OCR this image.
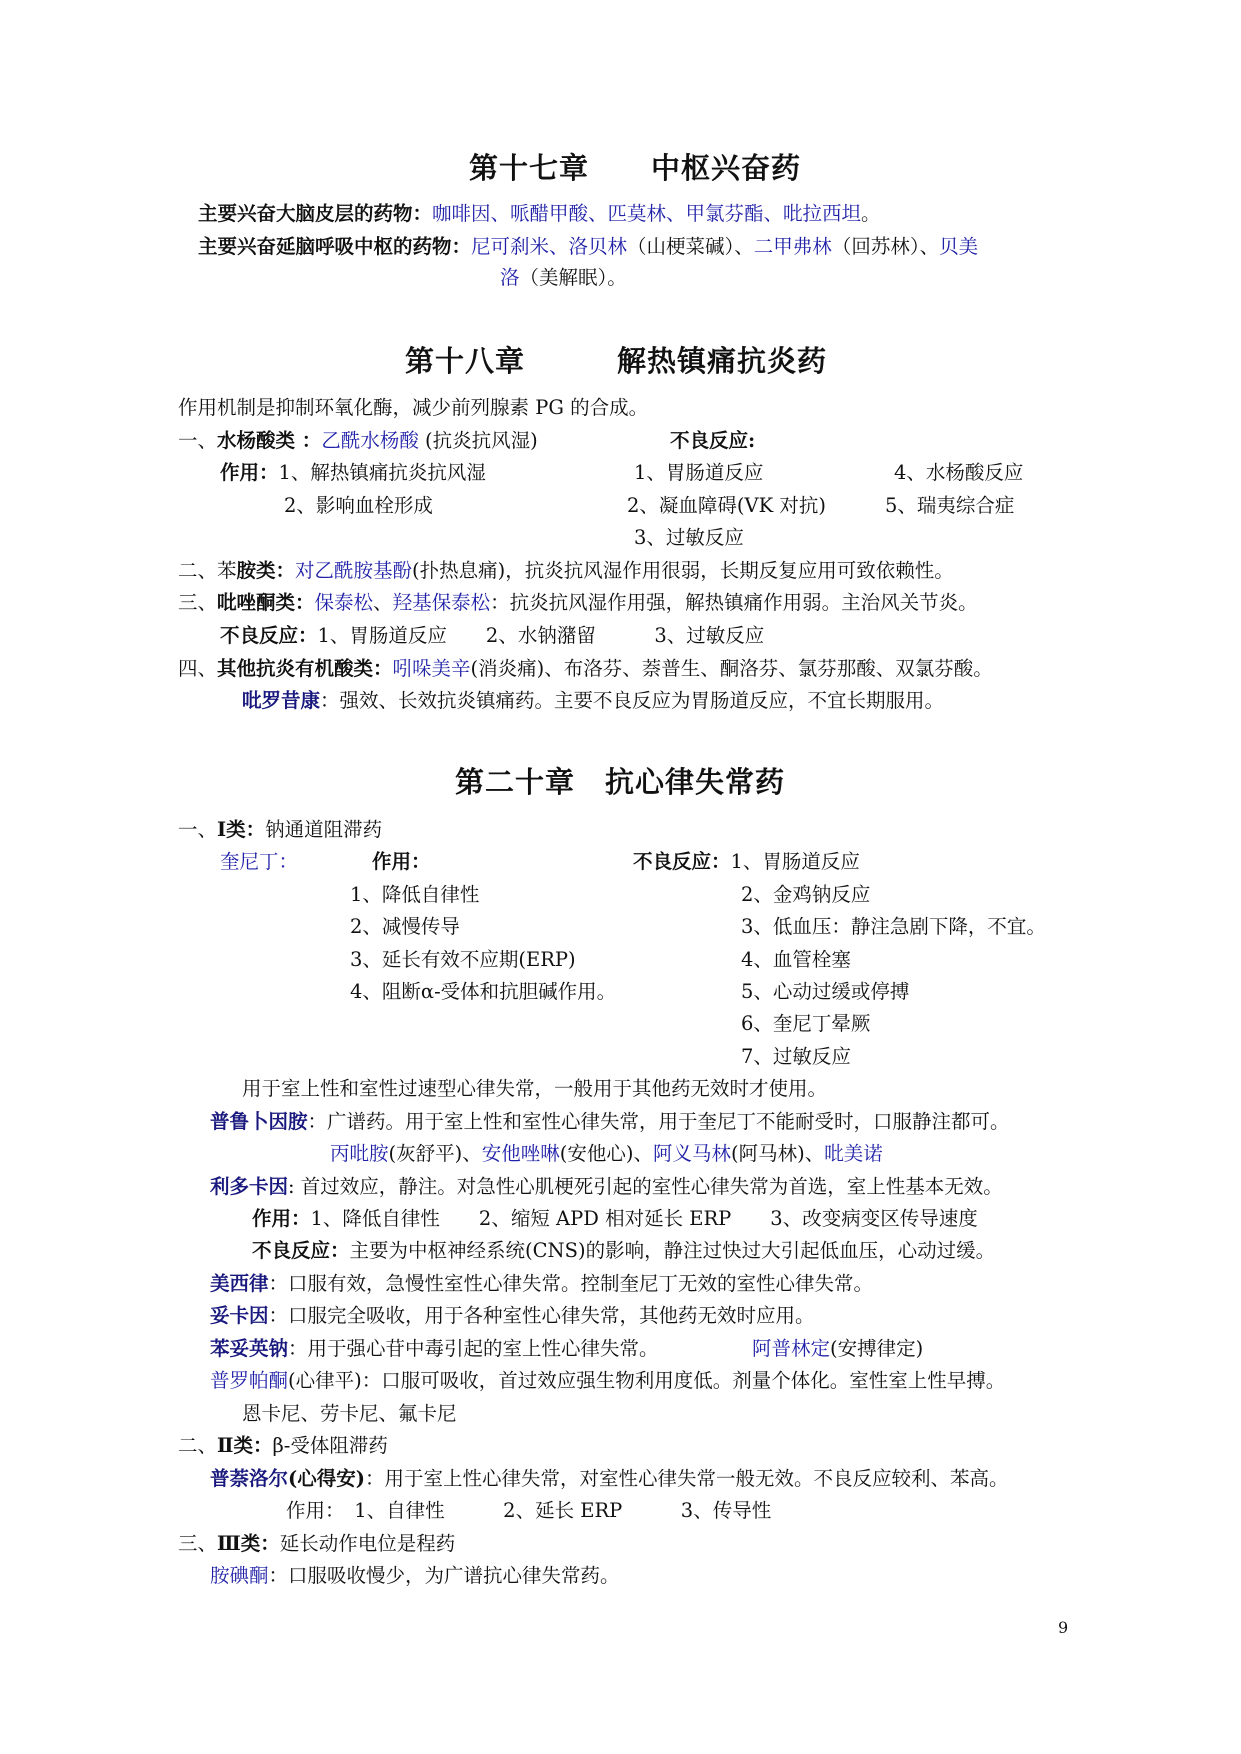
第十七章 中枢兴奋药
主要兴奋大脑皮层的药物：咖啡因、哌醋甲酸、匹莫林、甲氯芬酯、吡拉西坦。
主要兴奋延脑呼吸中枢的药物：尼可刹米、洛贝林（山梗菜碱）、二甲弗林（回苏林）、贝美
洛（美解眠）。
第十八章	解热镇痛抗炎药
作用机制是抑制环氧化酶，减少前列腺素 PG 的合成。
一、水杨酸类 ：乙酰水杨酸 (抗炎抗风湿)	不良反应:
作用：1、解热镇痛抗炎抗风湿	1、胃肠道反应	4、水杨酸反应
2、影响血栓形成	2、凝血障碍(VK 对抗)	5、瑞夷综合症
3、过敏反应
二、苯胺类：对乙酰胺基酚(扑热息痛)，抗炎抗风湿作用很弱，长期反复应用可致依赖性。
三、吡唑酮类：保泰松、羟基保泰松：抗炎抗风湿作用强，解热镇痛作用弱。主治风关节炎。
不良反应：1、胃肠道反应　　2、水钠潴留　　　3、过敏反应
四、其他抗炎有机酸类：吲哚美辛(消炎痛)、布洛芬、萘普生、酮洛芬、氯芬那酸、双氯芬酸。
吡罗昔康：强效、长效抗炎镇痛药。主要不良反应为胃肠道反应，不宜长期服用。
第二十章 抗心律失常药
一、Ⅰ类：钠通道阻滞药
奎尼丁：	作用：	不良反应：1、胃肠道反应
1、降低自律性	2、金鸡钠反应
2、减慢传导	3、低血压：静注急剧下降，不宜。
3、延长有效不应期(ERP)	4、血管栓塞
4、阻断α-受体和抗胆碱作用。	5、心动过缓或停搏
6、奎尼丁晕厥
7、过敏反应
用于室上性和室性过速型心律失常，一般用于其他药无效时才使用。
普鲁卜因胺：广谱药。用于室上性和室性心律失常，用于奎尼丁不能耐受时，口服静注都可。
丙吡胺(灰舒平)、安他唑啉(安他心)、阿义马林(阿马林)、吡美诺
利多卡因: 首过效应，静注。对急性心肌梗死引起的室性心律失常为首选，室上性基本无效。
作用：1、降低自律性　　2、缩短 APD 相对延长 ERP　　3、改变病变区传导速度
不良反应：主要为中枢神经系统(CNS)的影响，静注过快过大引起低血压，心动过缓。
美西律：口服有效，急慢性室性心律失常。控制奎尼丁无效的室性心律失常。
妥卡因：口服完全吸收，用于各种室性心律失常，其他药无效时应用。
苯妥英钠：用于强心苷中毒引起的室上性心律失常。	阿普林定(安搏律定)
普罗帕酮(心律平)：口服可吸收，首过效应强生物利用度低。剂量个体化。室性室上性早搏。
恩卡尼、劳卡尼、氟卡尼
二、Ⅱ类：β-受体阻滞药
普萘洛尔(心得安)：用于室上性心律失常，对室性心律失常一般无效。不良反应较利、苯高。
作用：　1、自律性　　　2、延长 ERP　　　3、传导性
三、Ⅲ类：延长动作电位是程药
胺碘酮：口服吸收慢少，为广谱抗心律失常药。
9
